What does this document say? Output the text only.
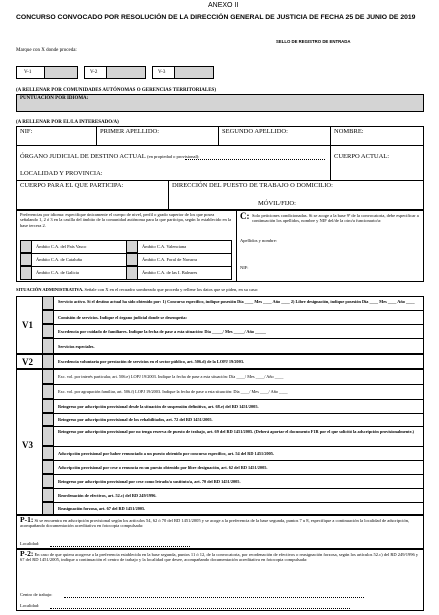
ANEXO II
CONCURSO CONVOCADO POR RESOLUCIÓN DE LA DIRECCIÓN GENERAL DE JUSTICIA DE FECHA 25 DE JUNIO DE 2019
SELLO DE REGISTRO DE ENTRADA
Marque con X donde proceda:
V-1	V-2	V-3
(A RELLENAR POR COMUNIDADES AUTÓNOMAS O GERENCIAS TERRITORIALES)
PUNTUACIÓN POR IDIOMA:
(A RELLENAR POR EL/LA INTERESADO/A)
NIF:	PRIMER APELLIDO:	SEGUNDO APELLIDO:	NOMBRE:
ÓRGANO JUDICIAL DE DESTINO ACTUAL (en propiedad o provisional):	CUERPO ACTUAL:
LOCALIDAD Y PROVINCIA:
CUERPO PARA EL QUE PARTICIPA:	DIRECCIÓN DEL PUESTO DE TRABAJO O DOMICILIO:
MÓVIL/FIJO:
Preferencias por idioma: especifique únicamente el cuerpo de nivel, perfil o grado superior de los que posea señalando 1, 2 ó 3 en la casilla del ámbito de la comunidad autónoma para la que participa, según lo establecido en la base tercera 2.
Ámbito C.A. del País Vasco
Ámbito C.A. de Cataluña
Ámbito C.A. de Galicia
Ámbito C.A. Valenciana
Ámbito C.A. Foral de Navarra
Ámbito C.A. de las I. Baleares
C: Solo peticiones condicionadas. Si se acoge a la base 9ª de la convocatoria, debe especificar a continuación los apellidos, nombre y NIF del/de la otro/a funcionario/a:
Apellidos y nombre:
NIF:
SITUACIÓN ADMINISTRATIVA. Señale con X en el recuadro sombreado que proceda y rellene los datos que se piden, en su caso:
V1
Servicio activo. Si el destino actual ha sido obtenido por: 1) Concurso específico, indique posesión Día ____ Mes ____ Año ____ 2) Libre designación, indique posesión Día ____ Mes ____ Año ____
Comisión de servicios. Indique el órgano judicial donde se desempeña:
Excedencia por cuidado de familiares. Indique la fecha de pase a esta situación: Día _____/ Mes _____/ Año _____
Servicios especiales.
V2	Excedencia voluntaria por prestación de servicios en el sector público, art. 506.d) de la LOPJ 19/2003.
V3
Exc. vol. por interés particular, art. 506.e) LOPJ 19/2003. Indique la fecha de pase a esta situación: Día ____/ Mes ____/ Año ____
Exc. vol. por agrupación familiar, art. 506.f) LOPJ 19/2003. Indique la fecha de pase a esta situación: Día ____/ Mes ____/ Año ____
Reingreso por adscripción provisional desde la situación de suspensión definitiva, art. 68.e) del RD 1451/2005.
Reingreso por adscripción provisional de los rehabilitados, art. 72 del RD 1451/2005.
Reingreso por adscripción provisional por no tenga reserva de puesto de trabajo, art. 69 del RD 1451/2005. (Deberá aportar el documento F1R por el que solicitó la adscripción provisionalmente.)
Adscripción provisional por haber renunciado a un puesto obtenido por concurso específico, art. 54 del RD 1451/2005.
Adscripción provisional por cese o renuncia en un puesto obtenido por libre designación, art. 62 del RD 1451/2005.
Reingreso por adscripción provisional por cese como letrado/a sustituto/a, art. 70 del RD 1451/2005.
Reordenación de efectivos, art. 52.c) del RD 249/1996.
Reasignación forzosa, art. 67 del RD 1451/2005.
P-1: Si se encuentra en adscripción provisional según los artículos 54, 62 ó 70 del RD 1451/2005 y se acoge a la preferencia de la base segunda, puntos 7 u 8, especifique a continuación la localidad de adscripción, acompañando documentación acreditativa en fotocopia compulsada:
Localidad:
P-2: En caso de que quiera acogerse a la preferencia establecida en la base segunda, puntos 11 ó 12, de la convocatoria, por reordenación de efectivos o reasignación forzosa, según los artículos 52.c) del RD 249/1996 y 67 del RD 1451/2005, indique a continuación el centro de trabajo y la localidad que desee, acompañando documentación acreditativa en fotocopia compulsada:
Centro de trabajo:
Localidad:
